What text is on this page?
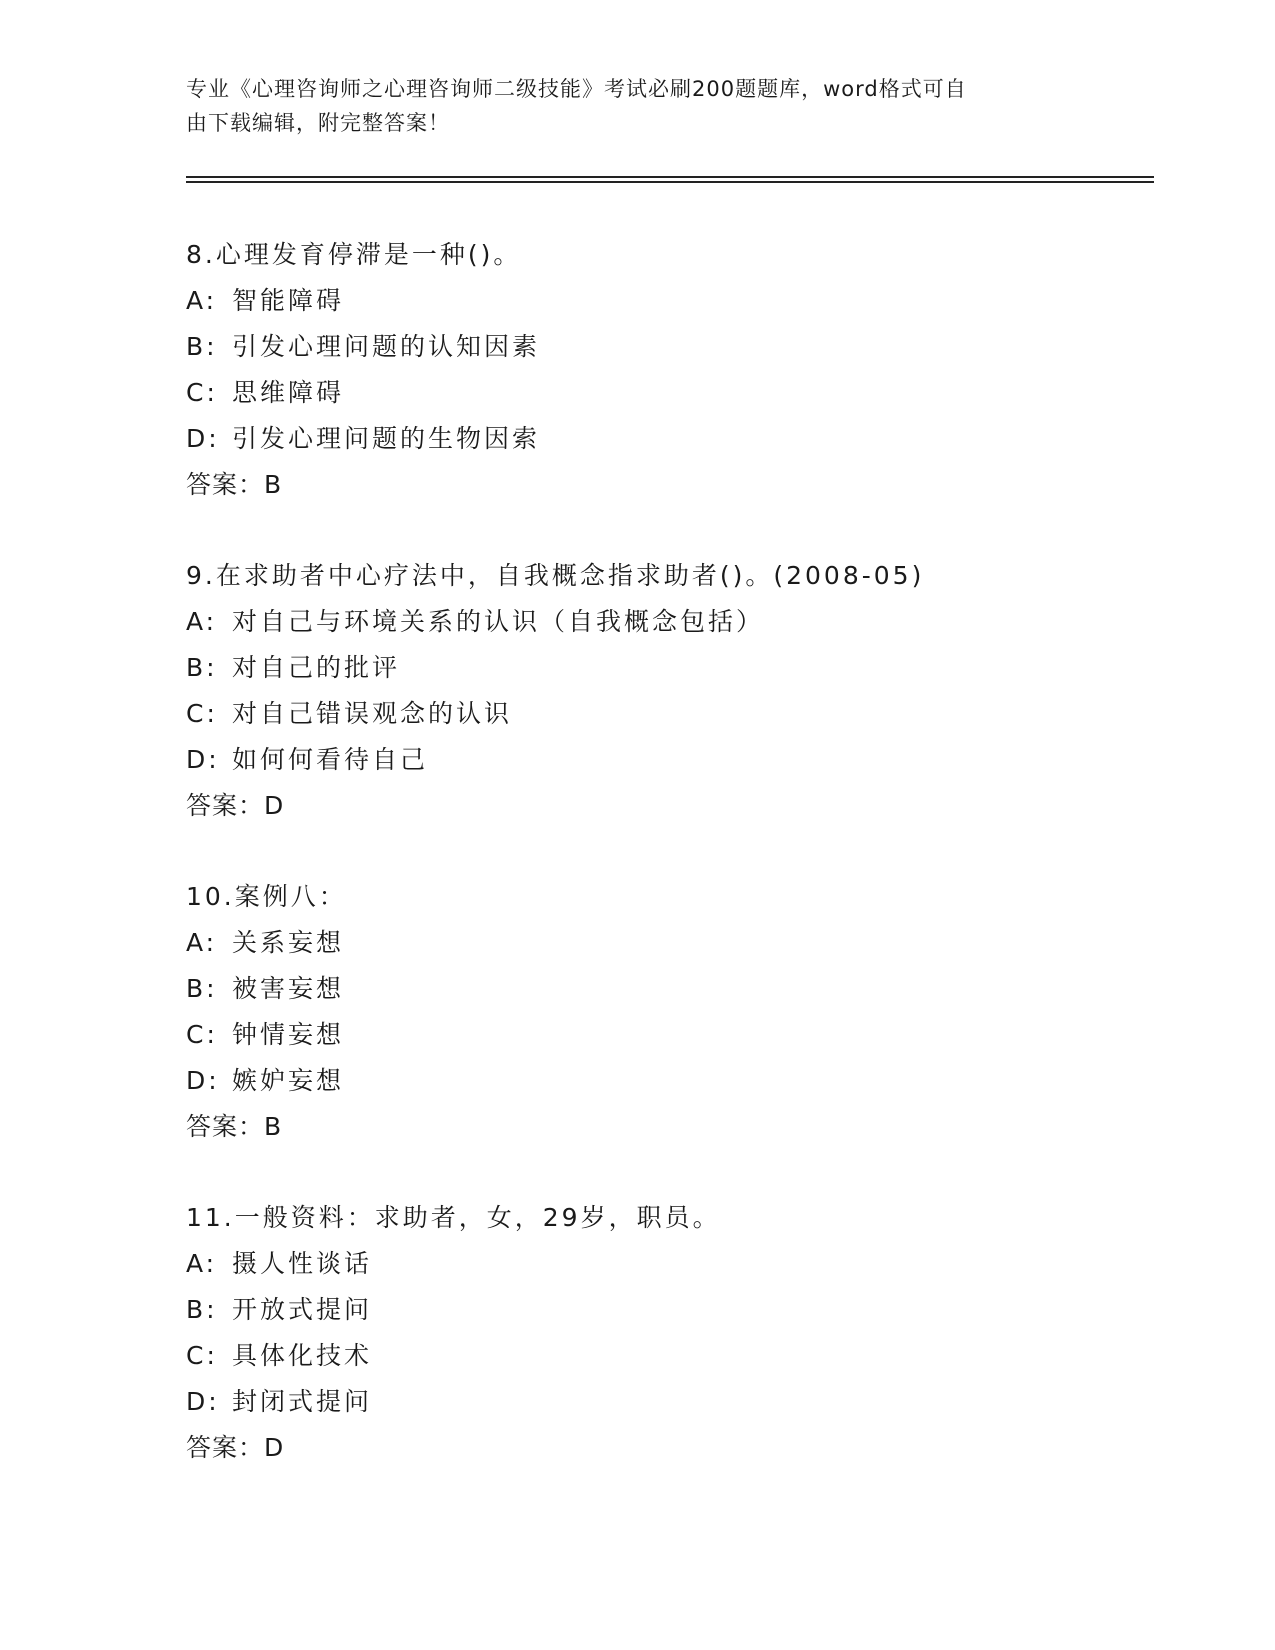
专业《心理咨询师之心理咨询师二级技能》考试必刷200题题库，word格式可自
由下载编辑，附完整答案！
8.心理发育停滞是一种()。
A: 智能障碍
B: 引发心理问题的认知因素
C: 思维障碍
D: 引发心理问题的生物因索
答案：B
9.在求助者中心疗法中，自我概念指求助者()。(2008-05)
A: 对自己与环境关系的认识（自我概念包括）
B: 对自己的批评
C: 对自己错误观念的认识
D: 如何何看待自己
答案：D
10.案例八：
A: 关系妄想
B: 被害妄想
C: 钟情妄想
D: 嫉妒妄想
答案：B
11.一般资料：求助者，女，29岁，职员。
A: 摄人性谈话
B: 开放式提问
C: 具体化技术
D: 封闭式提问
答案：D
